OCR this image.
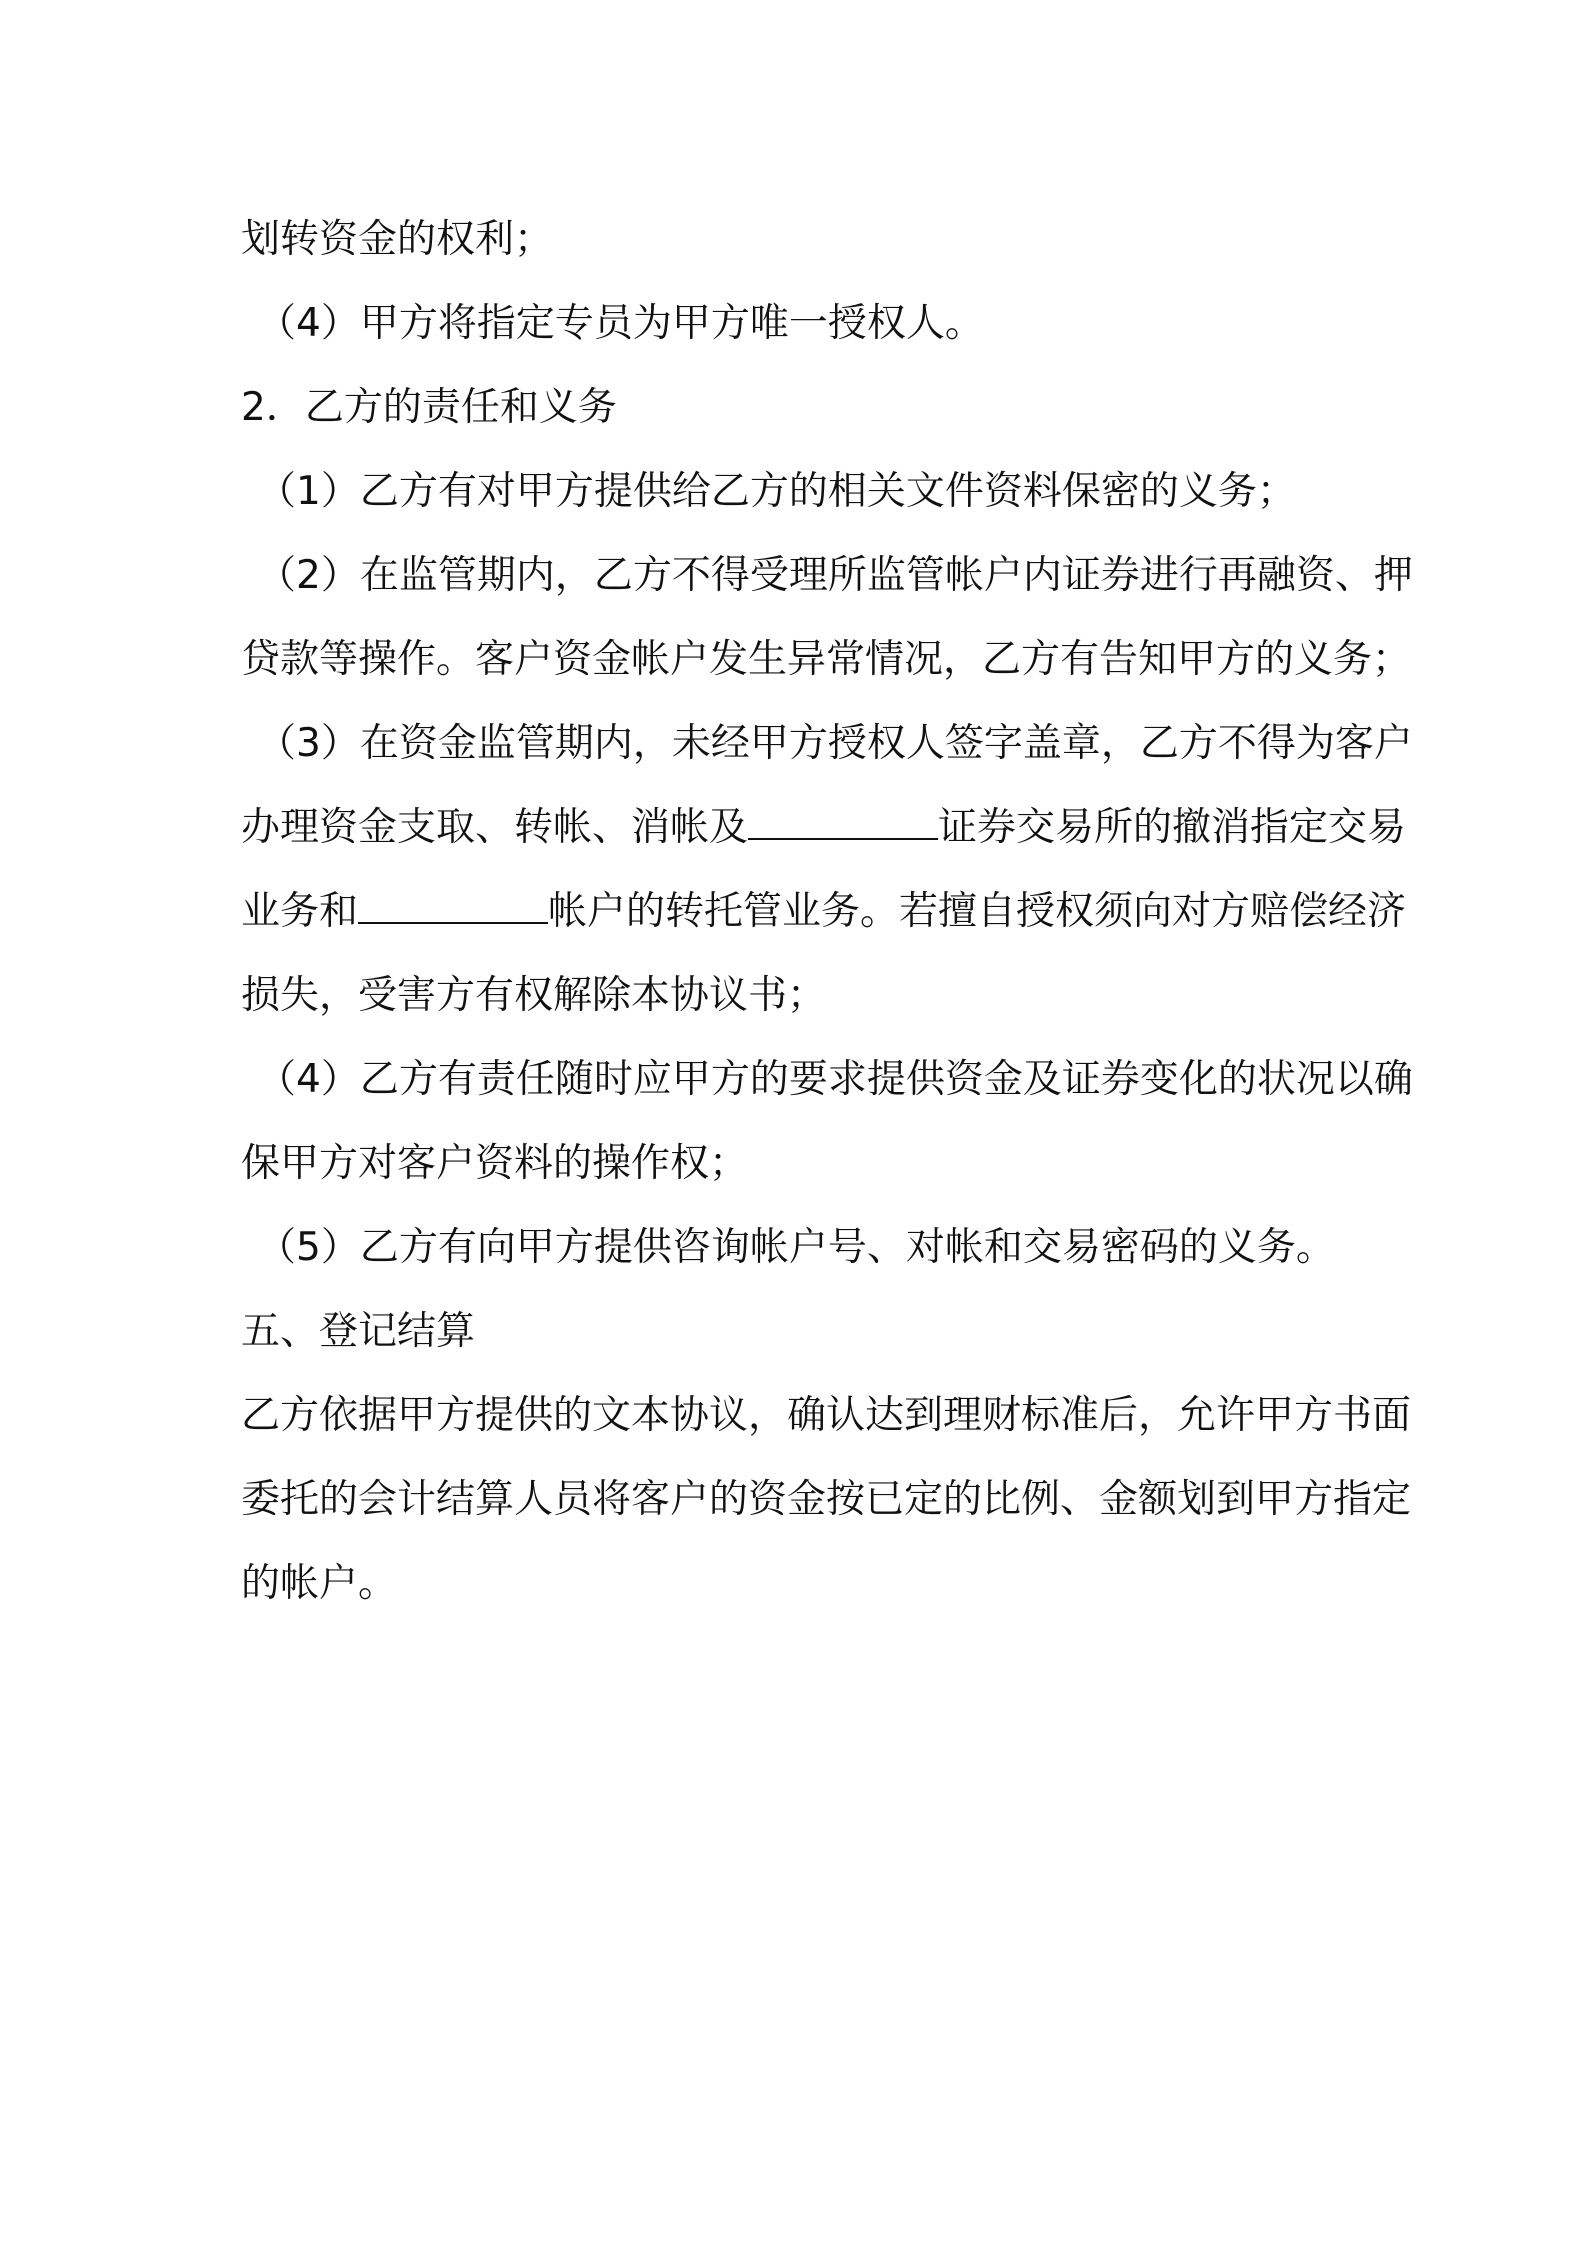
划转资金的权利；

（4）甲方将指定专员为甲方唯一授权人。

2．乙方的责任和义务

（1）乙方有对甲方提供给乙方的相关文件资料保密的义务；

（2）在监管期内，乙方不得受理所监管帐户内证券进行再融资、押

贷款等操作。客户资金帐户发生异常情况，乙方有告知甲方的义务；

（3）在资金监管期内，未经甲方授权人签字盖章，乙方不得为客户

办理资金支取、转帐、消帐及	证券交易所的撤消指定交易

业务和	帐户的转托管业务。若擅自授权须向对方赔偿经济

损失，受害方有权解除本协议书；

（4）乙方有责任随时应甲方的要求提供资金及证券变化的状况以确

保甲方对客户资料的操作权；

（5）乙方有向甲方提供咨询帐户号、对帐和交易密码的义务。

五、登记结算

乙方依据甲方提供的文本协议，确认达到理财标准后，允许甲方书面

委托的会计结算人员将客户的资金按已定的比例、金额划到甲方指定

的帐户。
